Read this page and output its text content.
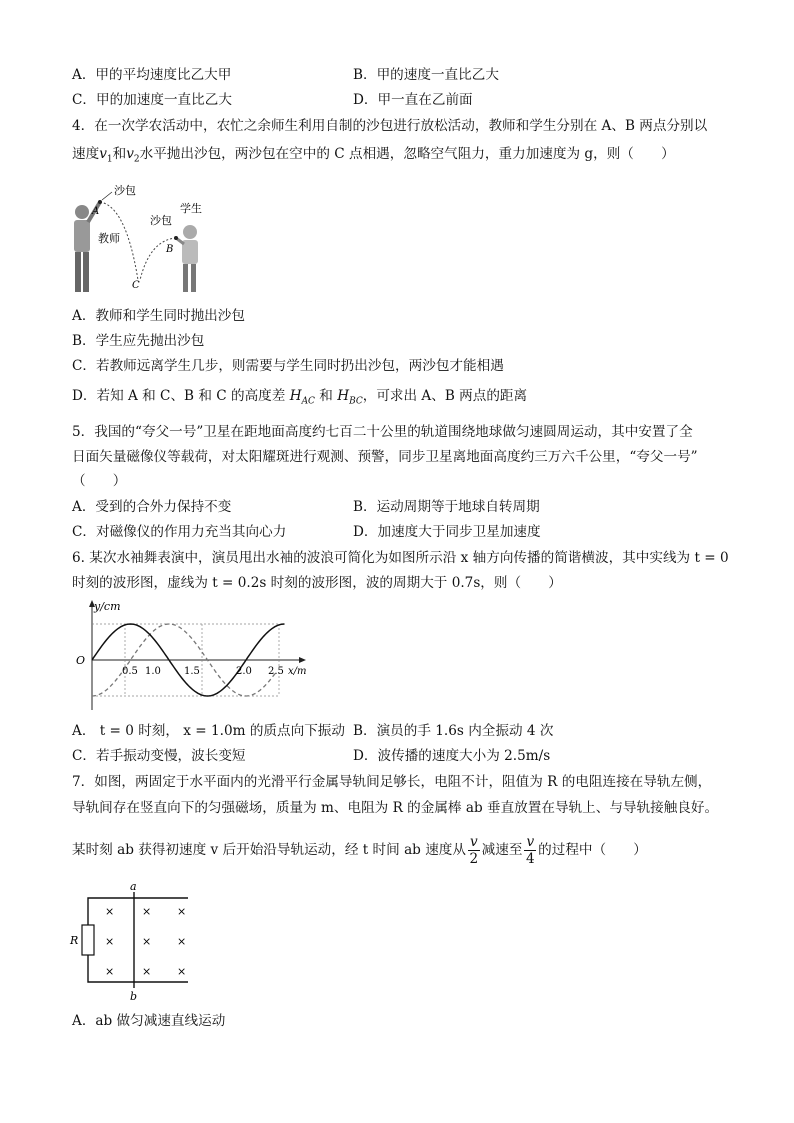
A．甲的平均速度比乙大甲	B．甲的速度一直比乙大
C．甲的加速度一直比乙大	D．甲一直在乙前面
4．在一次学农活动中，农忙之余师生利用自制的沙包进行放松活动，教师和学生分别在 A、B 两点分别以
速度$v_1$和$v_2$水平抛出沙包，两沙包在空中的 C 点相遇，忽略空气阻力，重力加速度为 g，则（　　）
沙包
沙包
学生
教师
A
B
C
A．教师和学生同时抛出沙包
B．学生应先抛出沙包
C．若教师远离学生几步，则需要与学生同时扔出沙包，两沙包才能相遇
D．若知 A 和 C、B 和 C 的高度差 $H_{AC}$ 和 $H_{BC}$，可求出 A、B 两点的距离
5．我国的“夸父一号”卫星在距地面高度约七百二十公里的轨道围绕地球做匀速圆周运动，其中安置了全
日面矢量磁像仪等载荷，对太阳耀斑进行观测、预警，同步卫星离地面高度约三万六千公里，“夸父一号”
（　　）
A．受到的合外力保持不变	B．运动周期等于地球自转周期
C．对磁像仪的作用力充当其向心力	D．加速度大于同步卫星加速度
6. 某次水袖舞表演中，演员甩出水袖的波浪可简化为如图所示沿 x 轴方向传播的简谐横波，其中实线为 t = 0
时刻的波形图，虚线为 t = 0.2s 时刻的波形图，波的周期大于 0.7s，则（　　）
y/cm
O
0.5 1.0 1.5	2.0 2.5 x/m
A． t = 0 时刻， x = 1.0m 的质点向下振动 B．演员的手 1.6s 内全振动 4 次
C．若手振动变慢，波长变短	D．波传播的速度大小为 2.5m/s
7．如图，两固定于水平面内的光滑平行金属导轨间足够长，电阻不计，阻值为 R 的电阻连接在导轨左侧，
导轨间存在竖直向下的匀强磁场，质量为 m、电阻为 R 的金属棒 ab 垂直放置在导轨上、与导轨接触良好。
某时刻 ab 获得初速度 v 后开始沿导轨运动，经 t 时间 ab 速度从 $\frac{v}{2}$ 减速至 $\frac{v}{4}$ 的过程中（　　）
a
b
R
×	× ×
×	× ×
×	× ×
A．ab 做匀减速直线运动
